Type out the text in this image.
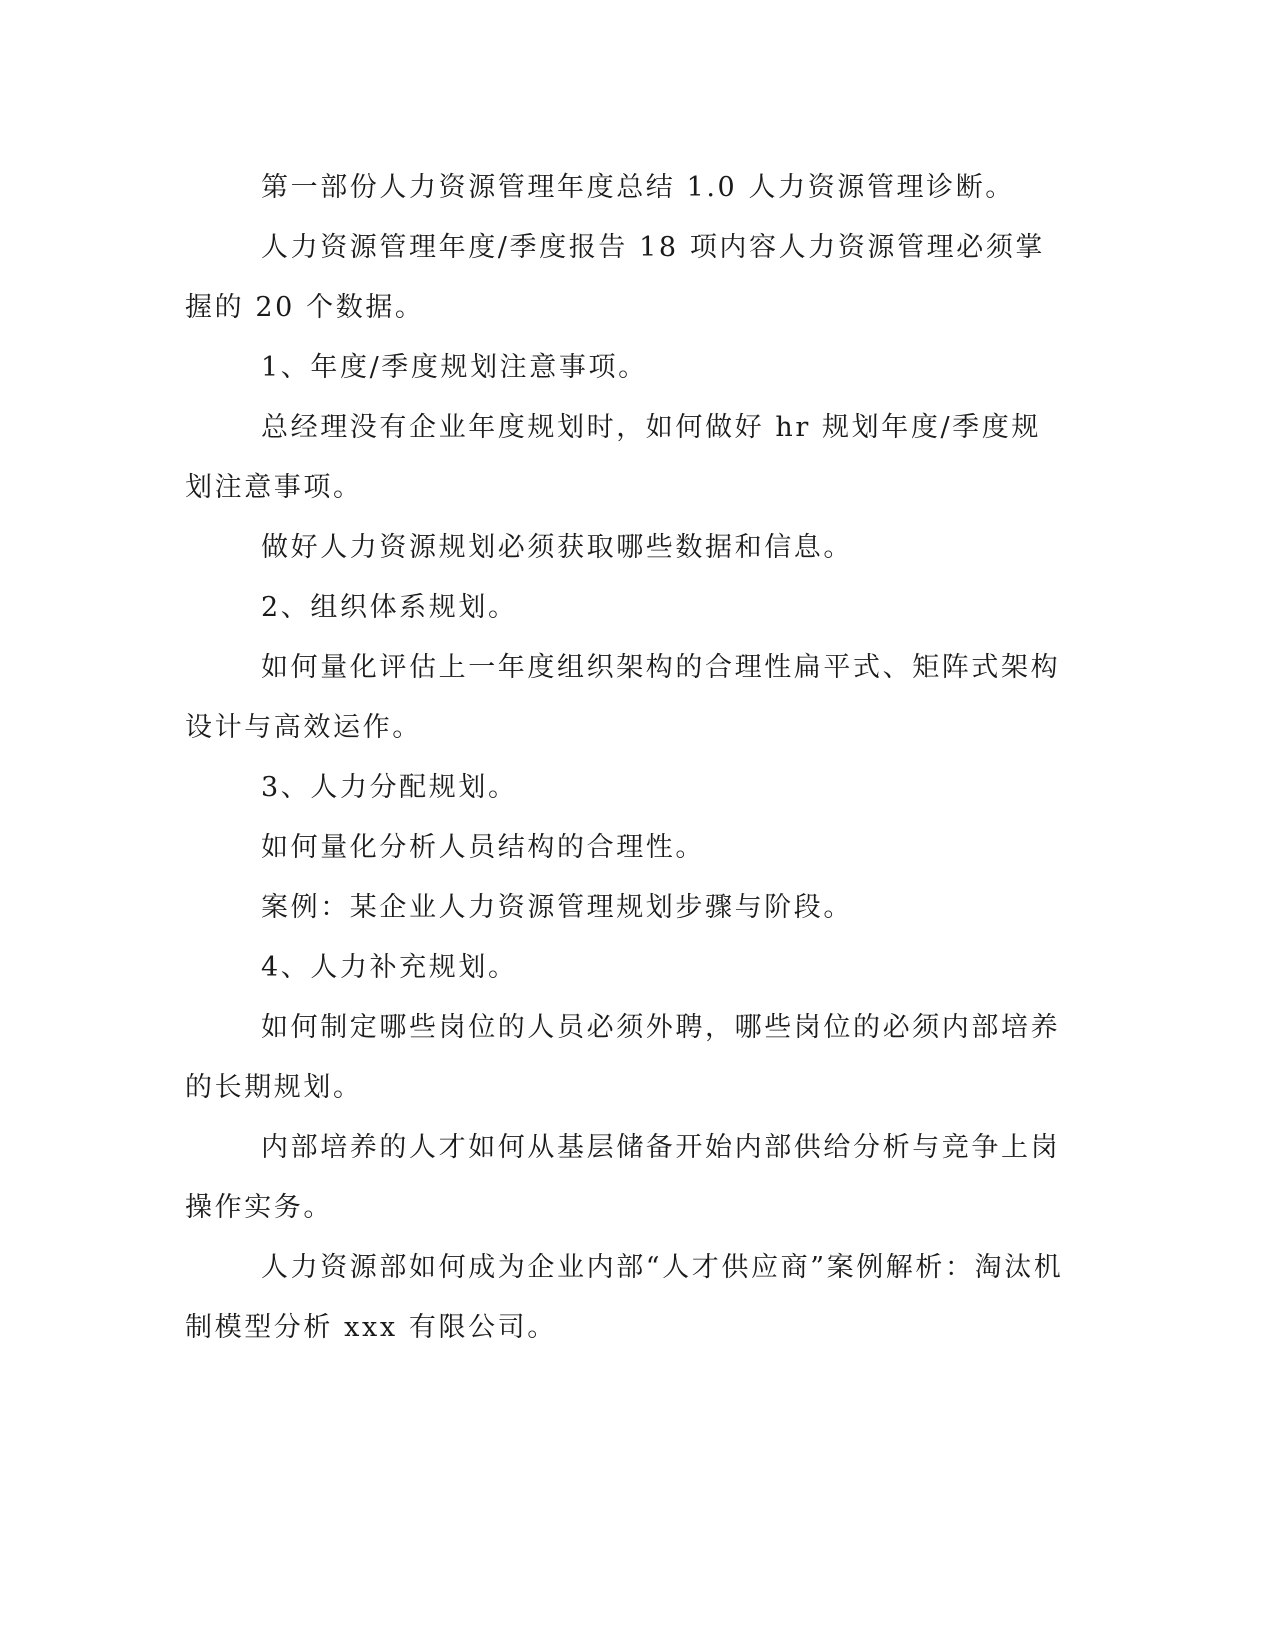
第一部份人力资源管理年度总结 1.0 人力资源管理诊断。

人力资源管理年度/季度报告 18 项内容人力资源管理必须掌握的 20 个数据。

1、年度/季度规划注意事项。

总经理没有企业年度规划时，如何做好 hr 规划年度/季度规划注意事项。

做好人力资源规划必须获取哪些数据和信息。

2、组织体系规划。

如何量化评估上一年度组织架构的合理性扁平式、矩阵式架构设计与高效运作。

3、人力分配规划。

如何量化分析人员结构的合理性。

案例：某企业人力资源管理规划步骤与阶段。

4、人力补充规划。

如何制定哪些岗位的人员必须外聘，哪些岗位的必须内部培养的长期规划。

内部培养的人才如何从基层储备开始内部供给分析与竞争上岗操作实务。

人力资源部如何成为企业内部“人才供应商”案例解析：淘汰机制模型分析 xxx 有限公司。
